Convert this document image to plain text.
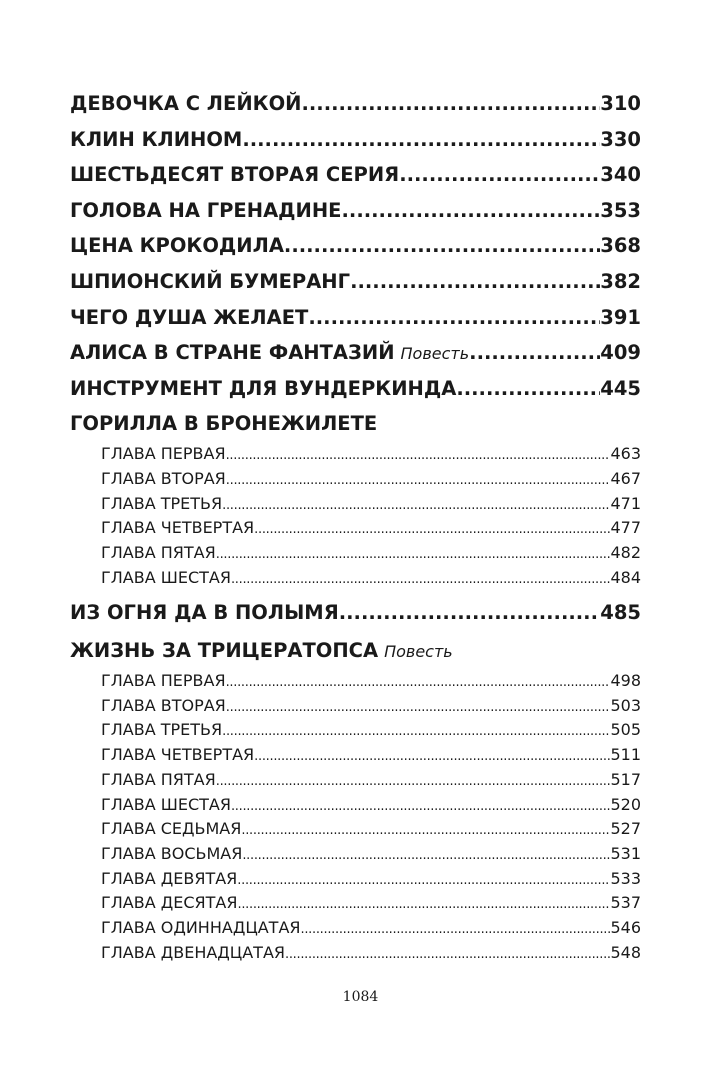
ДЕВОЧКА С ЛЕЙКОЙ .....	310
КЛИН КЛИНОМ .....	330
ШЕСТЬДЕСЯТ ВТОРАЯ СЕРИЯ .....	340
ГОЛОВА НА ГРЕНАДИНЕ .....	353
ЦЕНА КРОКОДИЛА .....	368
ШПИОНСКИЙ БУМЕРАНГ .....	382
ЧЕГО ДУША ЖЕЛАЕТ .....	391
АЛИСА В СТРАНЕ ФАНТАЗИЙ Повесть .....	409
ИНСТРУМЕНТ ДЛЯ ВУНДЕРКИНДА .....	445
ГОРИЛЛА В БРОНЕЖИЛЕТЕ
ГЛАВА ПЕРВАЯ .....	463
ГЛАВА ВТОРАЯ .....	467
ГЛАВА ТРЕТЬЯ .....	471
ГЛАВА ЧЕТВЕРТАЯ .....	477
ГЛАВА ПЯТАЯ .....	482
ГЛАВА ШЕСТАЯ .....	484
ИЗ ОГНЯ ДА В ПОЛЫМЯ .....	485
ЖИЗНЬ ЗА ТРИЦЕРАТОПСА Повесть
ГЛАВА ПЕРВАЯ .....	498
ГЛАВА ВТОРАЯ .....	503
ГЛАВА ТРЕТЬЯ .....	505
ГЛАВА ЧЕТВЕРТАЯ .....	511
ГЛАВА ПЯТАЯ .....	517
ГЛАВА ШЕСТАЯ .....	520
ГЛАВА СЕДЬМАЯ .....	527
ГЛАВА ВОСЬМАЯ .....	531
ГЛАВА ДЕВЯТАЯ .....	533
ГЛАВА ДЕСЯТАЯ .....	537
ГЛАВА ОДИННАДЦАТАЯ .....	546
ГЛАВА ДВЕНАДЦАТАЯ .....	548
1084
